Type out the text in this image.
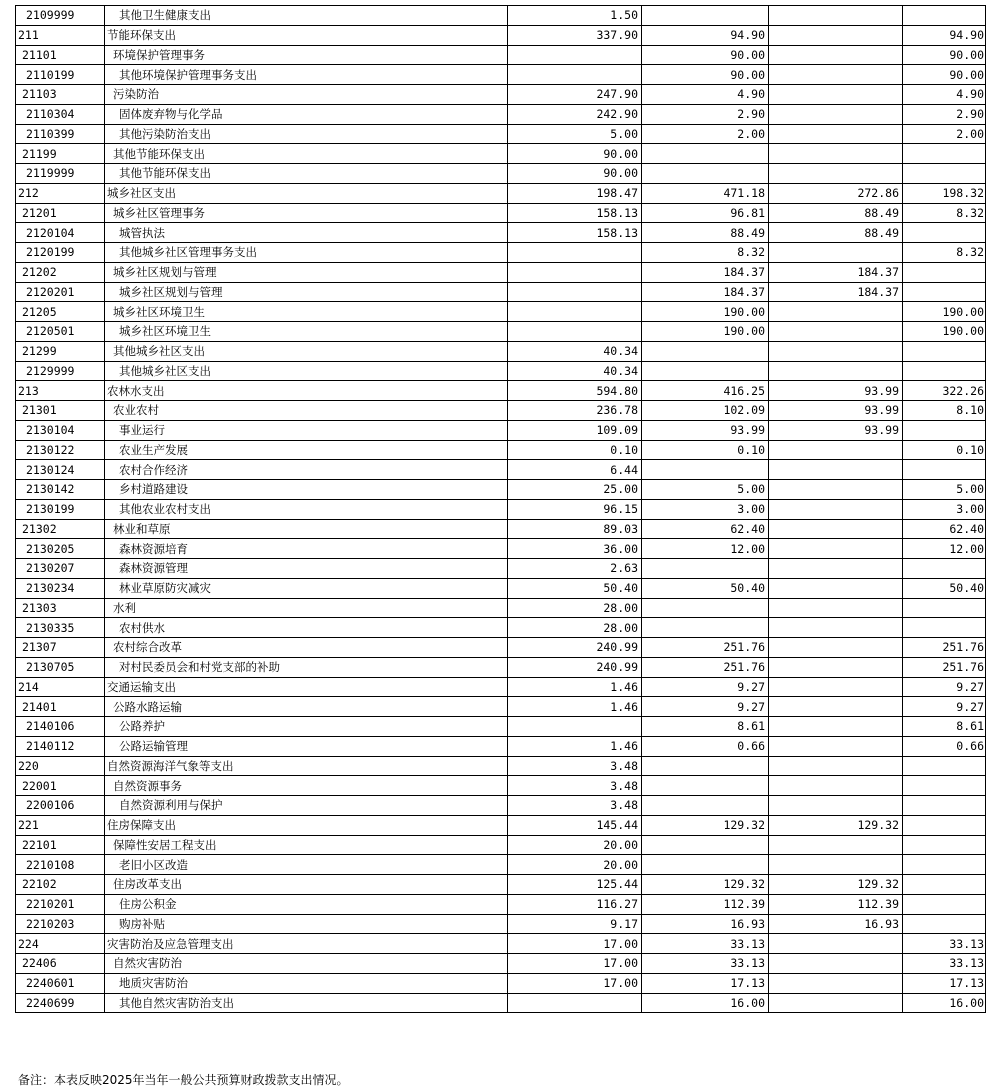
2109999	其他卫生健康支出	1.50			
211	节能环保支出	337.90	94.90		94.90
21101	环境保护管理事务		90.00		90.00
2110199	其他环境保护管理事务支出		90.00		90.00
21103	污染防治	247.90	4.90		4.90
2110304	固体废弃物与化学品	242.90	2.90		2.90
2110399	其他污染防治支出	5.00	2.00		2.00
21199	其他节能环保支出	90.00			
2119999	其他节能环保支出	90.00			
212	城乡社区支出	198.47	471.18	272.86	198.32
21201	城乡社区管理事务	158.13	96.81	88.49	8.32
2120104	城管执法	158.13	88.49	88.49	
2120199	其他城乡社区管理事务支出		8.32		8.32
21202	城乡社区规划与管理		184.37	184.37	
2120201	城乡社区规划与管理		184.37	184.37	
21205	城乡社区环境卫生		190.00		190.00
2120501	城乡社区环境卫生		190.00		190.00
21299	其他城乡社区支出	40.34			
2129999	其他城乡社区支出	40.34			
213	农林水支出	594.80	416.25	93.99	322.26
21301	农业农村	236.78	102.09	93.99	8.10
2130104	事业运行	109.09	93.99	93.99	
2130122	农业生产发展	0.10	0.10		0.10
2130124	农村合作经济	6.44			
2130142	乡村道路建设	25.00	5.00		5.00
2130199	其他农业农村支出	96.15	3.00		3.00
21302	林业和草原	89.03	62.40		62.40
2130205	森林资源培育	36.00	12.00		12.00
2130207	森林资源管理	2.63			
2130234	林业草原防灾减灾	50.40	50.40		50.40
21303	水利	28.00			
2130335	农村供水	28.00			
21307	农村综合改革	240.99	251.76		251.76
2130705	对村民委员会和村党支部的补助	240.99	251.76		251.76
214	交通运输支出	1.46	9.27		9.27
21401	公路水路运输	1.46	9.27		9.27
2140106	公路养护		8.61		8.61
2140112	公路运输管理	1.46	0.66		0.66
220	自然资源海洋气象等支出	3.48			
22001	自然资源事务	3.48			
2200106	自然资源利用与保护	3.48			
221	住房保障支出	145.44	129.32	129.32	
22101	保障性安居工程支出	20.00			
2210108	老旧小区改造	20.00			
22102	住房改革支出	125.44	129.32	129.32	
2210201	住房公积金	116.27	112.39	112.39	
2210203	购房补贴	9.17	16.93	16.93	
224	灾害防治及应急管理支出	17.00	33.13		33.13
22406	自然灾害防治	17.00	33.13		33.13
2240601	地质灾害防治	17.00	17.13		17.13
2240699	其他自然灾害防治支出		16.00		16.00
备注：本表反映2025年当年一般公共预算财政拨款支出情况。
